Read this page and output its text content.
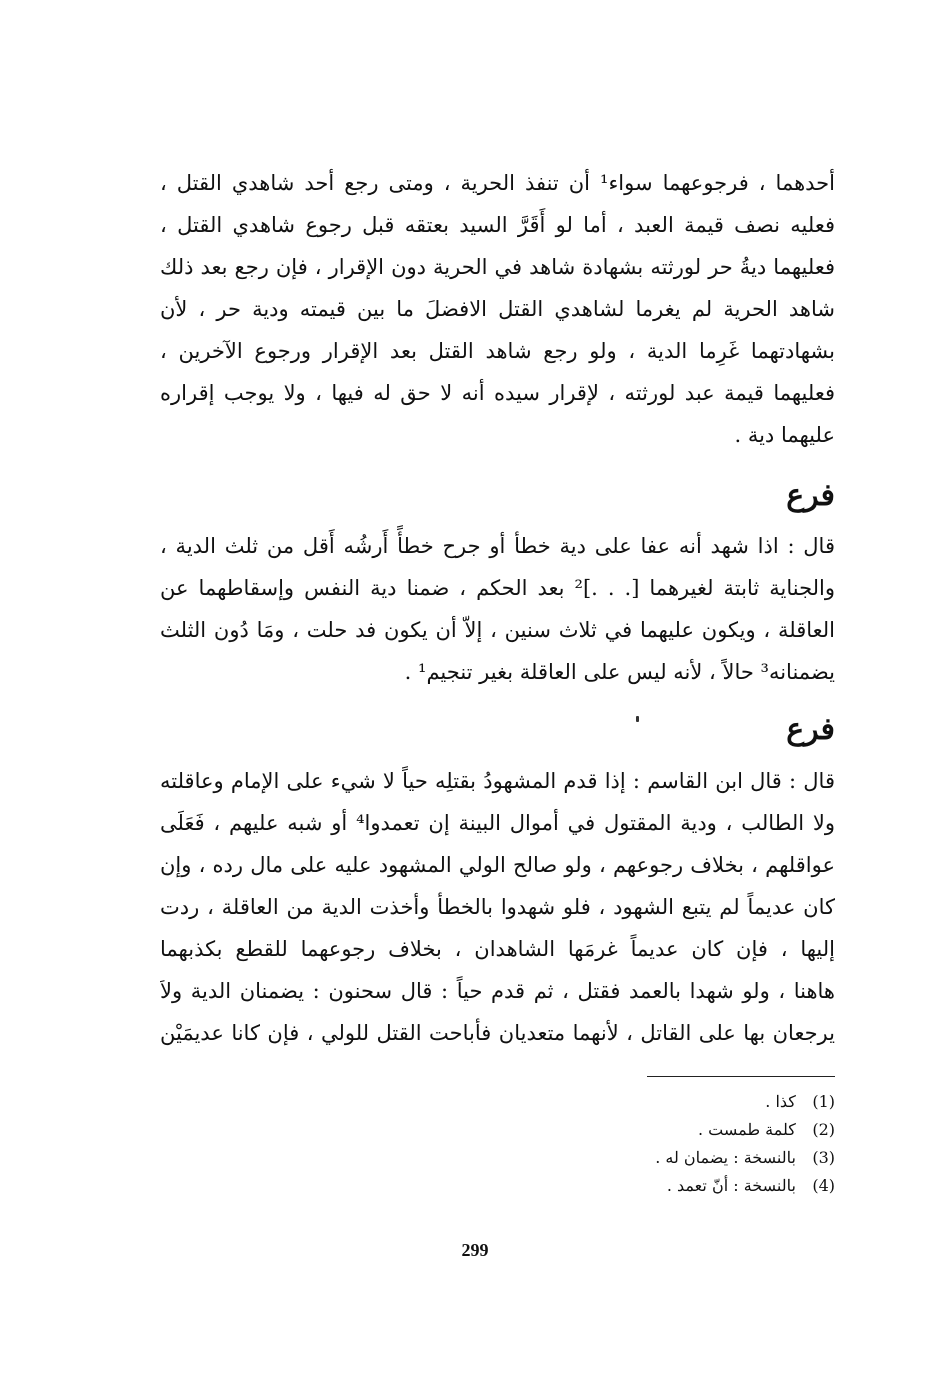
أحدهما ، فرجوعهما سواء¹ أن تنفذ الحرية ، ومتى رجع أحد شاهدي القتل ،
فعليه نصف قيمة العبد ، أما لو أَقَرَّ السيد بعتقه قبل رجوع شاهدي القتل ،
فعليهما ديةُ حر لورثته بشهادة شاهد في الحرية دون الإقرار ، فإن رجع بعد ذلك
شاهد الحرية لم يغرما لشاهدي القتل الافضلَ ما بين قيمته ودية حر ، لأن
بشهادتهما غَرِما الدية ، ولو رجع شاهد القتل بعد الإقرار ورجوع الآخرين ،
فعليهما قيمة عبد لورثته ، لإقرار سيده أنه لا حق له فيها ، ولا يوجب إقراره
عليهما دية .
فرع
قال : اذا شهد أنه عفا على دية خطأ أو جرح خطأً أَرشُه أَقل من ثلث الدية ،
والجناية ثابتة لغيرهما [. . .]² بعد الحكم ، ضمنا دية النفس وإسقاطهما عن
العاقلة ، ويكون عليهما في ثلاث سنين ، إلاّ أن يكون فد حلت ، ومَا دُون الثلث
يضمنانه³ حالاً ، لأنه ليس على العاقلة بغير تنجيم¹ .
فرع
قال : قال ابن القاسم : إذا قدم المشهودُ بقتلِه حياً لا شيء على الإمام وعاقلته
ولا الطالب ، ودية المقتول في أموال البينة إن تعمدوا⁴ أو شبه عليهم ، فَعَلَى
عواقلهم ، بخلاف رجوعهم ، ولو صالح الولي المشهود عليه على مال رده ، وإن
كان عديماً لم يتبع الشهود ، فلو شهدوا بالخطأ وأخذت الدية من العاقلة ، ردت
إليها ، فإن كان عديماً غرمَها الشاهدان ، بخلاف رجوعهما للقطع بكذبهما
هاهنا ، ولو شهدا بالعمد فقتل ، ثم قدم حياً : قال سحنون : يضمنان الدية ولاَ
يرجعان بها على القاتل ، لأنهما متعديان فأباحت القتل للولي ، فإن كانا عديمَيْن
(1) كذا .
(2) كلمة طمست .
(3) بالنسخة : يضمان له .
(4) بالنسخة : أنّ تعمد .
299
